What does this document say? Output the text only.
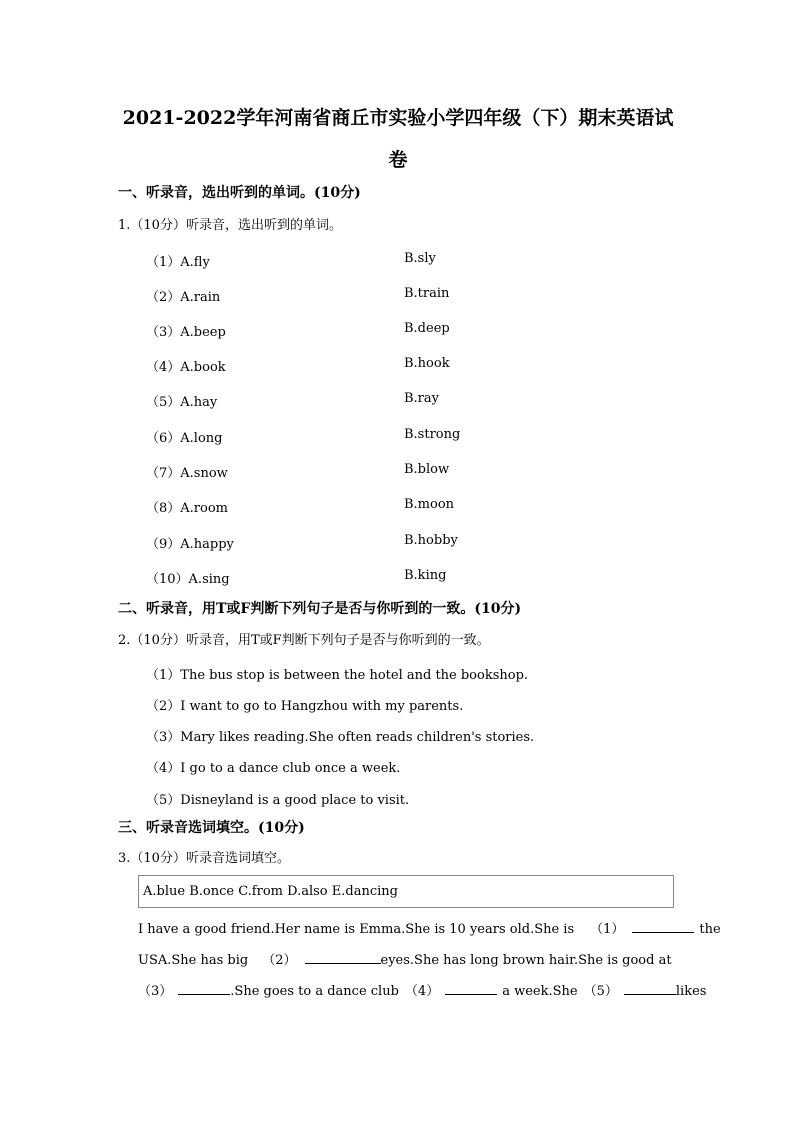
2021-2022学年河南省商丘市实验小学四年级（下）期末英语试
卷
一、听录音，选出听到的单词。(10分)
1.（10分）听录音，选出听到的单词。
（1）A.fly	B.sly
（2）A.rain	B.train
（3）A.beep	B.deep
（4）A.book	B.hook
（5）A.hay	B.ray
（6）A.long	B.strong
（7）A.snow	B.blow
（8）A.room	B.moon
（9）A.happy	B.hobby
（10）A.sing	B.king
二、听录音，用T或F判断下列句子是否与你听到的一致。(10分)
2.（10分）听录音，用T或F判断下列句子是否与你听到的一致。
（1）The bus stop is between the hotel and the bookshop.
（2）I want to go to Hangzhou with my parents.
（3）Mary likes reading.She often reads children's stories.
（4）I go to a dance club once a week.
（5）Disneyland is a good place to visit.
三、听录音选词填空。(10分)
3.（10分）听录音选词填空。
A.blue B.once C.from D.also E.dancing
I have a good friend.Her name is Emma.She is 10 years old.She is （1）	the
USA.She has big （2）	eyes.She has long brown hair.She is good at
（3）	.She goes to a dance club （4）	a week.She （5）	likes
